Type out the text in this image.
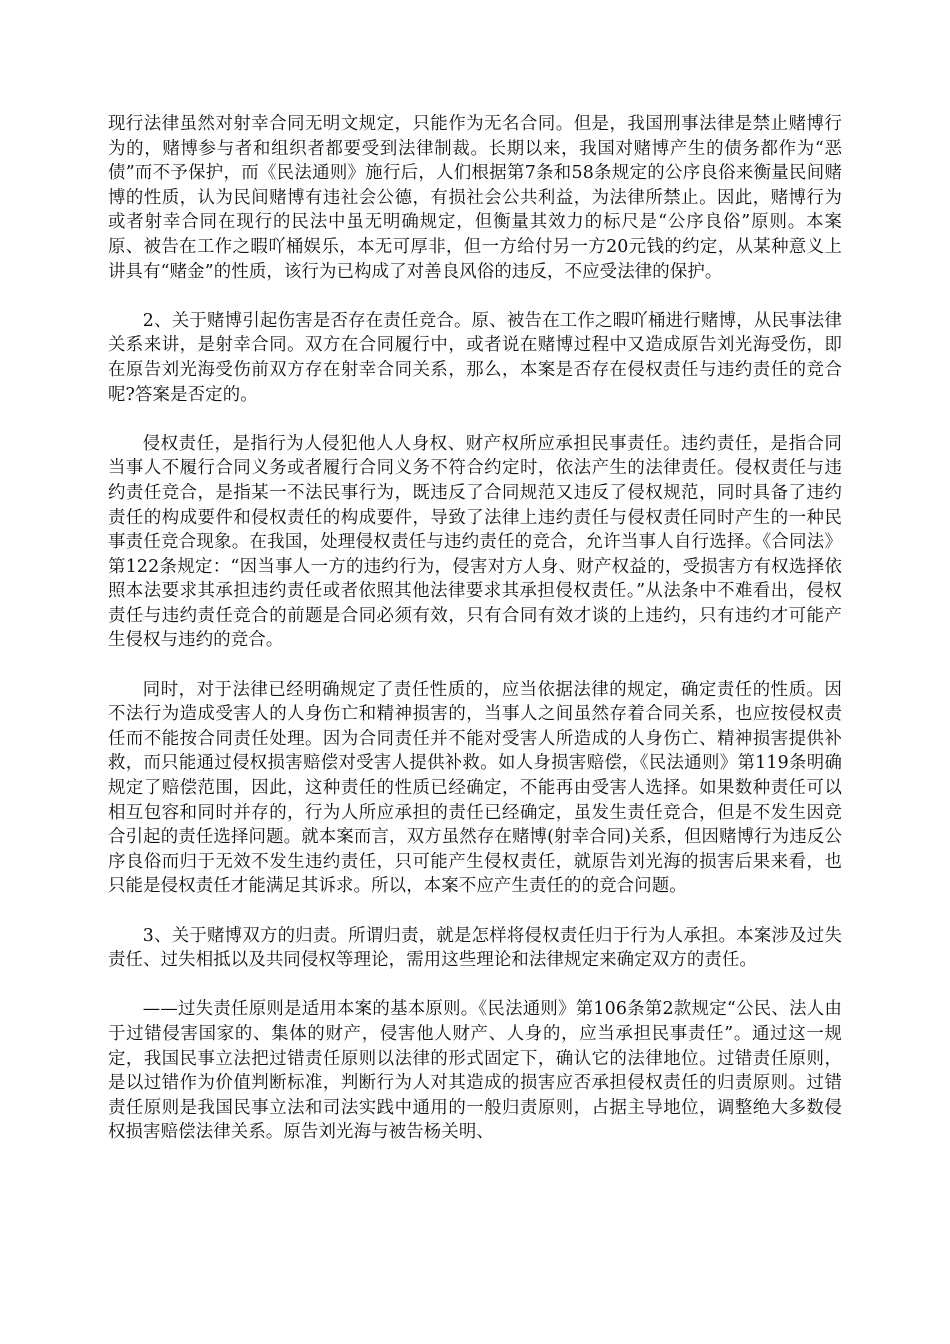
现行法律虽然对射幸合同无明文规定，只能作为无名合同。但是，我国刑事法律是禁止赌博行为的，赌博参与者和组织者都要受到法律制裁。长期以来，我国对赌博产生的债务都作为“恶债”而不予保护，而《民法通则》施行后，人们根据第7条和58条规定的公序良俗来衡量民间赌博的性质，认为民间赌博有违社会公德，有损社会公共利益，为法律所禁止。因此，赌博行为或者射幸合同在现行的民法中虽无明确规定，但衡量其效力的标尺是“公序良俗”原则。本案原、被告在工作之暇吖桶娱乐，本无可厚非，但一方给付另一方20元钱的约定，从某种意义上讲具有“赌金”的性质，该行为已构成了对善良风俗的违反，不应受法律的保护。

2、关于赌博引起伤害是否存在责任竞合。原、被告在工作之暇吖桶进行赌博，从民事法律关系来讲，是射幸合同。双方在合同履行中，或者说在赌博过程中又造成原告刘光海受伤，即在原告刘光海受伤前双方存在射幸合同关系，那么，本案是否存在侵权责任与违约责任的竞合呢?答案是否定的。

侵权责任，是指行为人侵犯他人人身权、财产权所应承担民事责任。违约责任，是指合同当事人不履行合同义务或者履行合同义务不符合约定时，依法产生的法律责任。侵权责任与违约责任竞合，是指某一不法民事行为，既违反了合同规范又违反了侵权规范，同时具备了违约责任的构成要件和侵权责任的构成要件，导致了法律上违约责任与侵权责任同时产生的一种民事责任竞合现象。在我国，处理侵权责任与违约责任的竞合，允许当事人自行选择。《合同法》第122条规定：“因当事人一方的违约行为，侵害对方人身、财产权益的，受损害方有权选择依照本法要求其承担违约责任或者依照其他法律要求其承担侵权责任。”从法条中不难看出，侵权责任与违约责任竞合的前题是合同必须有效，只有合同有效才谈的上违约，只有违约才可能产生侵权与违约的竞合。

同时，对于法律已经明确规定了责任性质的，应当依据法律的规定，确定责任的性质。因不法行为造成受害人的人身伤亡和精神损害的，当事人之间虽然存着合同关系，也应按侵权责任而不能按合同责任处理。因为合同责任并不能对受害人所造成的人身伤亡、精神损害提供补救，而只能通过侵权损害赔偿对受害人提供补救。如人身损害赔偿，《民法通则》第119条明确规定了赔偿范围，因此，这种责任的性质已经确定，不能再由受害人选择。如果数种责任可以相互包容和同时并存的，行为人所应承担的责任已经确定，虽发生责任竞合，但是不发生因竞合引起的责任选择问题。就本案而言，双方虽然存在赌博(射幸合同)关系，但因赌博行为违反公序良俗而归于无效不发生违约责任，只可能产生侵权责任，就原告刘光海的损害后果来看，也只能是侵权责任才能满足其诉求。所以，本案不应产生责任的的竞合问题。

3、关于赌博双方的归责。所谓归责，就是怎样将侵权责任归于行为人承担。本案涉及过失责任、过失相抵以及共同侵权等理论，需用这些理论和法律规定来确定双方的责任。

——过失责任原则是适用本案的基本原则。《民法通则》第106条第2款规定“公民、法人由于过错侵害国家的、集体的财产，侵害他人财产、人身的，应当承担民事责任”。通过这一规定，我国民事立法把过错责任原则以法律的形式固定下，确认它的法律地位。过错责任原则，是以过错作为价值判断标准，判断行为人对其造成的损害应否承担侵权责任的归责原则。过错责任原则是我国民事立法和司法实践中通用的一般归责原则，占据主导地位，调整绝大多数侵权损害赔偿法律关系。原告刘光海与被告杨关明、
